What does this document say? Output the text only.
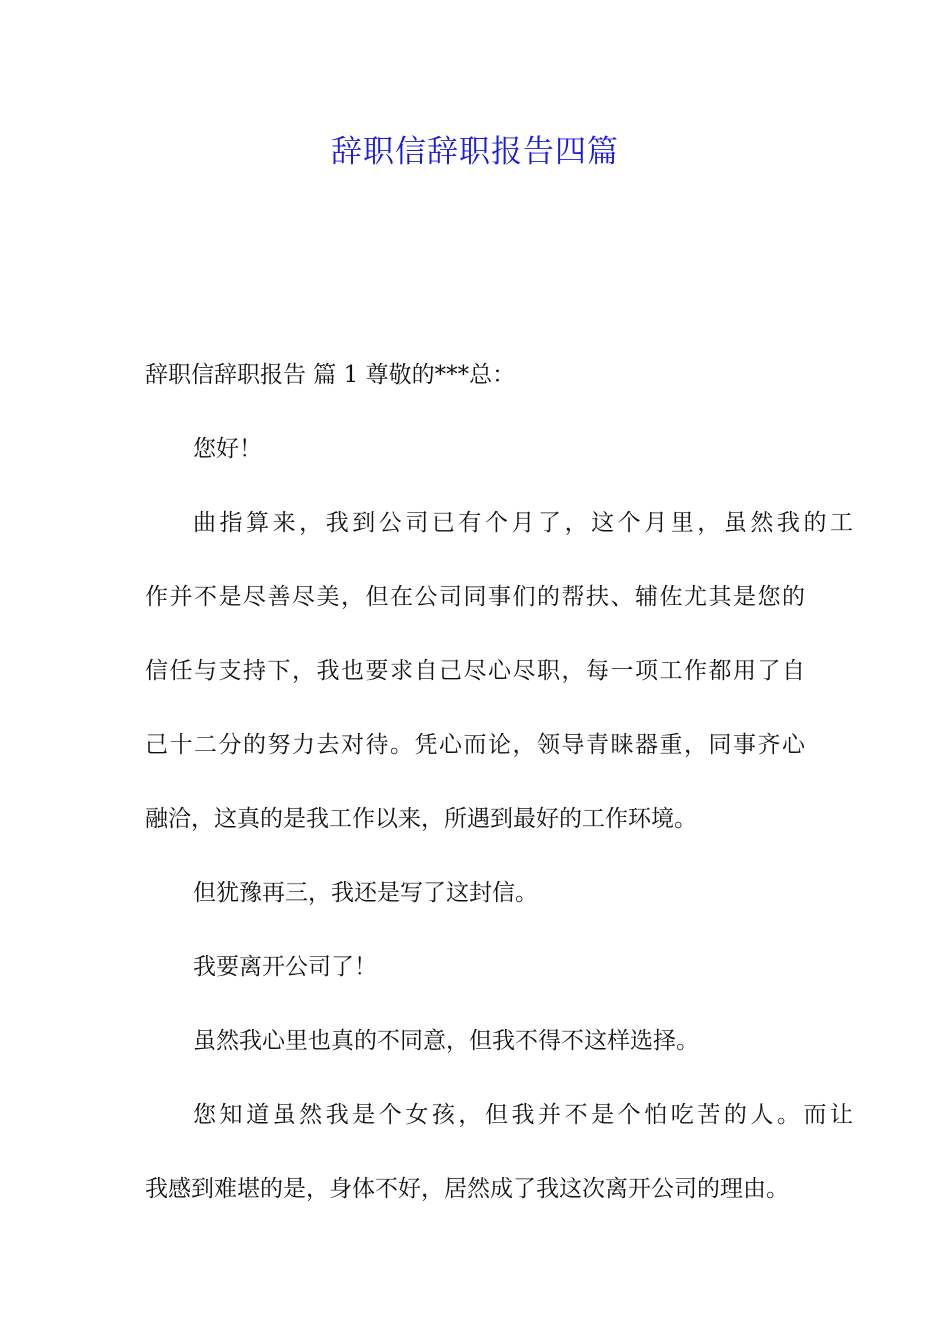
辞职信辞职报告四篇
辞职信辞职报告 篇 1 尊敬的***总：
您好！
曲指算来，我到公司已有个月了，这个月里，虽然我的工
作并不是尽善尽美，但在公司同事们的帮扶、辅佐尤其是您的
信任与支持下，我也要求自己尽心尽职，每一项工作都用了自
己十二分的努力去对待。凭心而论，领导青睐器重，同事齐心
融洽，这真的是我工作以来，所遇到最好的工作环境。
但犹豫再三，我还是写了这封信。
我要离开公司了！
虽然我心里也真的不同意，但我不得不这样选择。
您知道虽然我是个女孩，但我并不是个怕吃苦的人。而让
我感到难堪的是，身体不好，居然成了我这次离开公司的理由。
